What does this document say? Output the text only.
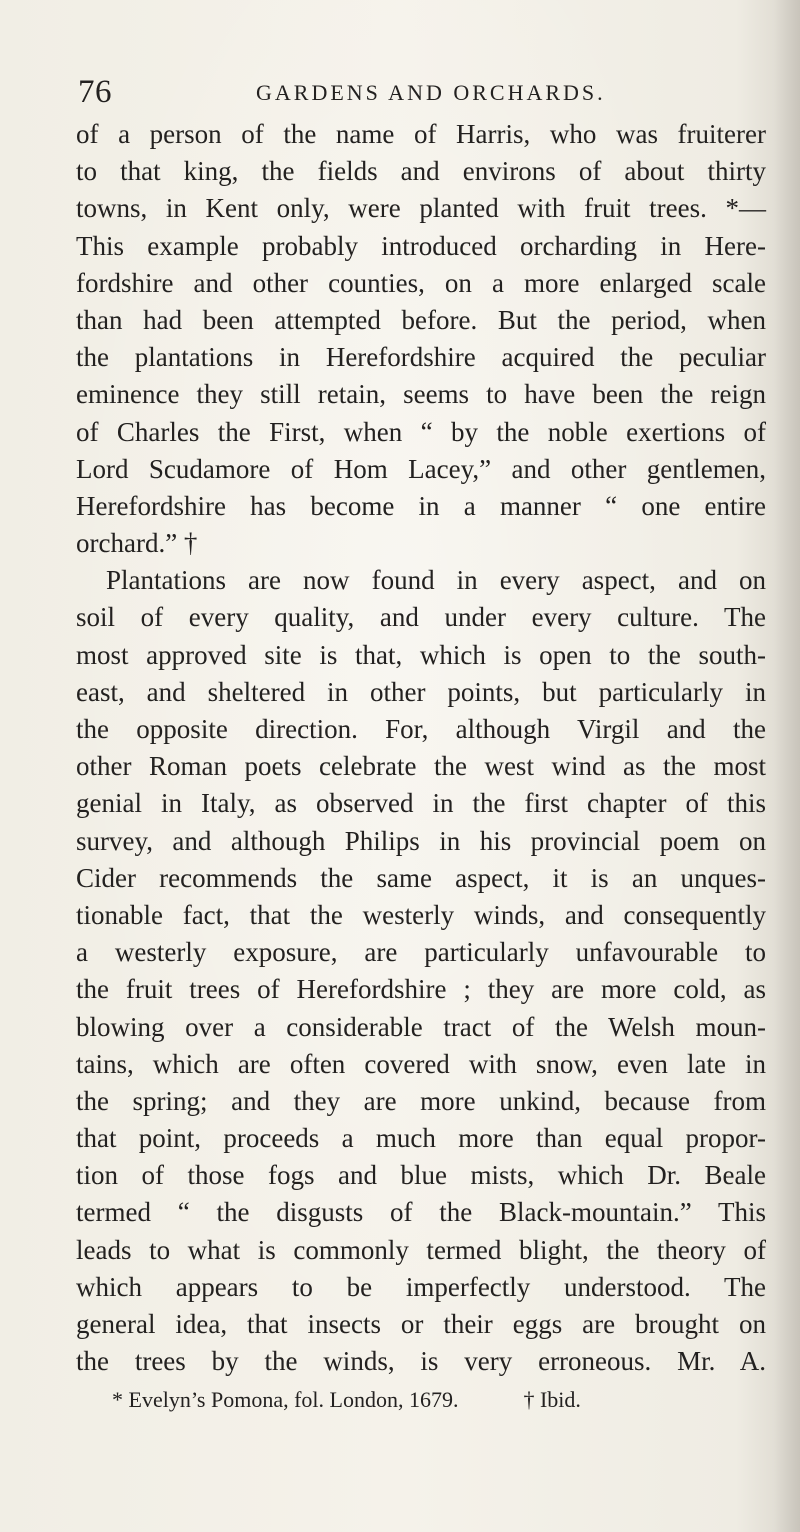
76	GARDENS AND ORCHARDS.
of a person of the name of Harris, who was fruiterer
to that king, the fields and environs of about thirty
towns, in Kent only, were planted with fruit trees. *—
This example probably introduced orcharding in Here-
fordshire and other counties, on a more enlarged scale
than had been attempted before. But the period, when
the plantations in Herefordshire acquired the peculiar
eminence they still retain, seems to have been the reign
of Charles the First, when “ by the noble exertions of
Lord Scudamore of Hom Lacey,” and other gentlemen,
Herefordshire has become in a manner “ one entire
orchard.” †
Plantations are now found in every aspect, and on
soil of every quality, and under every culture. The
most approved site is that, which is open to the south-
east, and sheltered in other points, but particularly in
the opposite direction. For, although Virgil and the
other Roman poets celebrate the west wind as the most
genial in Italy, as observed in the first chapter of this
survey, and although Philips in his provincial poem on
Cider recommends the same aspect, it is an unques-
tionable fact, that the westerly winds, and consequently
a westerly exposure, are particularly unfavourable to
the fruit trees of Herefordshire ; they are more cold, as
blowing over a considerable tract of the Welsh moun-
tains, which are often covered with snow, even late in
the spring; and they are more unkind, because from
that point, proceeds a much more than equal propor-
tion of those fogs and blue mists, which Dr. Beale
termed “ the disgusts of the Black-mountain.” This
leads to what is commonly termed blight, the theory of
which appears to be imperfectly understood. The
general idea, that insects or their eggs are brought on
the trees by the winds, is very erroneous. Mr. A.
* Evelyn’s Pomona, fol. London, 1679.	† Ibid.
